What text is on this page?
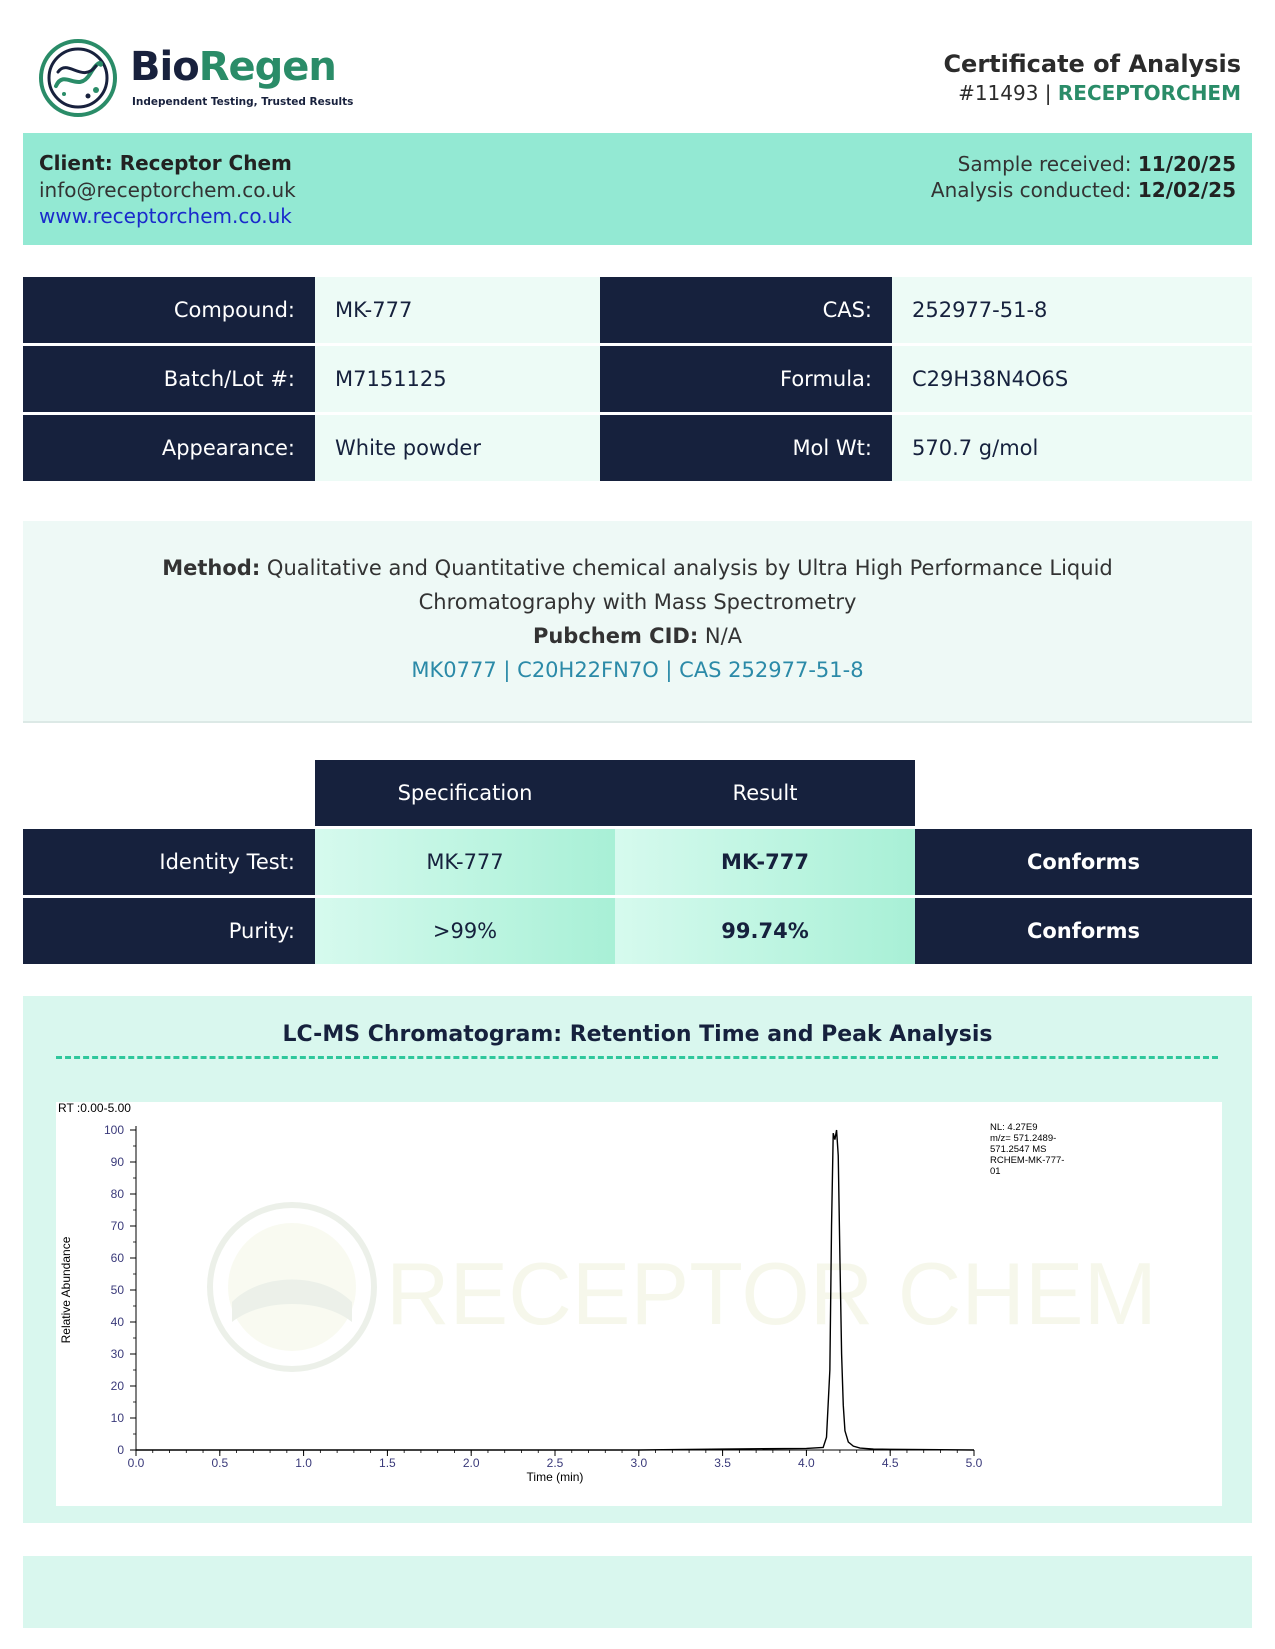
BioRegen
Independent Testing, Trusted Results
Certificate of Analysis
#11493 | RECEPTORCHEM
Client: Receptor Chem
info@receptorchem.co.uk
www.receptorchem.co.uk
Sample received: 11/20/25
Analysis conducted: 12/02/25
Compound:	MK-777	CAS:	252977-51-8
Batch/Lot #:	M7151125	Formula:	C29H38N4O6S
Appearance:	White powder	Mol Wt:	570.7 g/mol
Method: Qualitative and Quantitative chemical analysis by Ultra High Performance Liquid
Chromatography with Mass Spectrometry
Pubchem CID: N/A
MK0777 | C20H22FN7O | CAS 252977-51-8
Specification	Result
Identity Test:	MK-777	MK-777	Conforms
Purity:	>99%	99.74%	Conforms
LC-MS Chromatogram: Retention Time and Peak Analysis
RECEPTOR CHEM
RT :0.00-5.00
0
10
20
30
40
50
60
70
80
90
100
0.0	0.5	1.0	1.5	2.0	2.5	3.0	3.5	4.0	4.5	5.0
NL: 4.27E9
m/z= 571.2489-
571.2547 MS
RCHEM-MK-777-
01
Relative Abundance
Time (min)
